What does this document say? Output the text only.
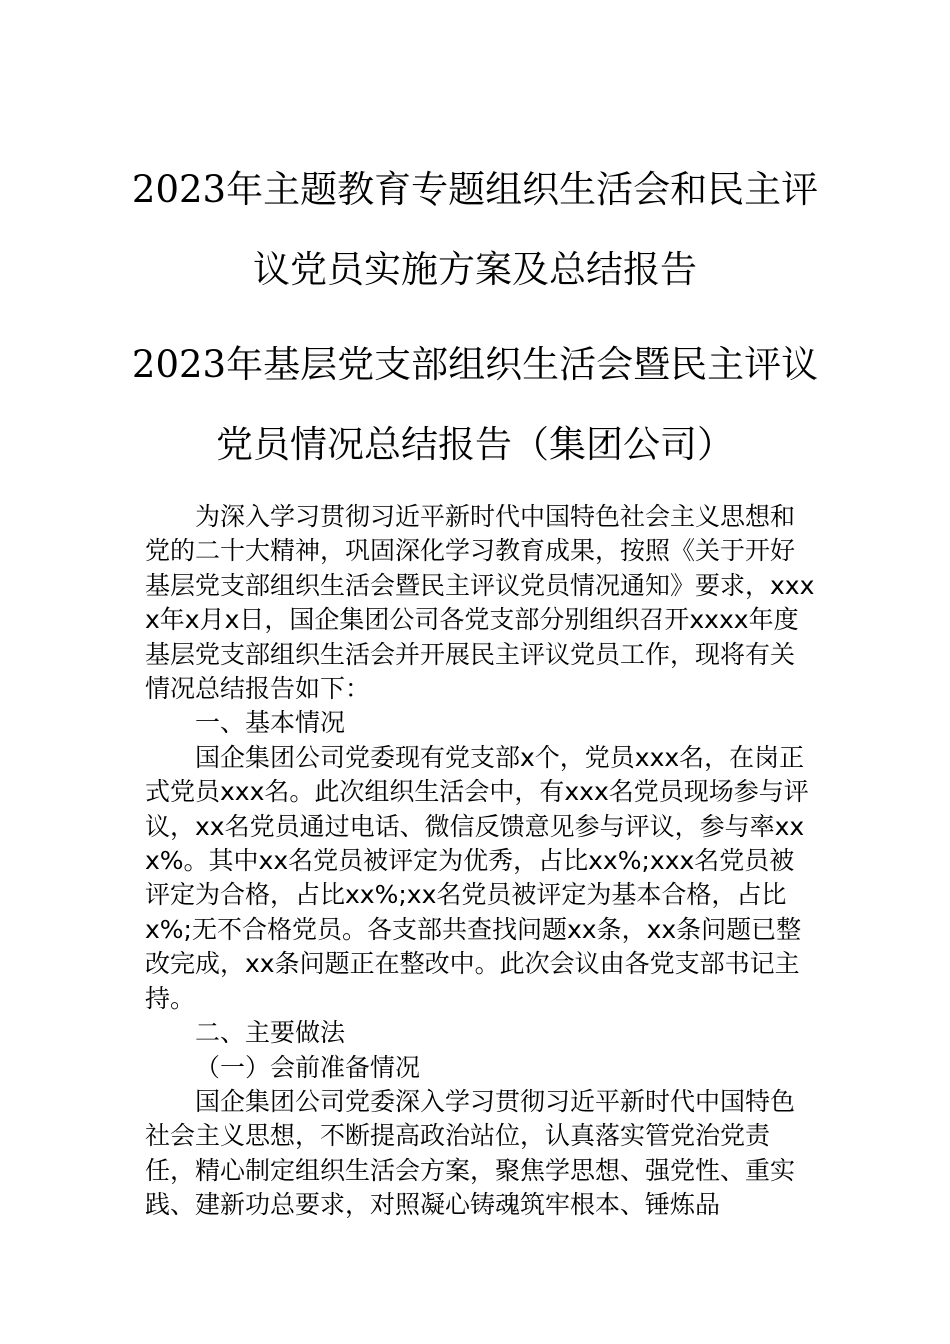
2023年主题教育专题组织生活会和民主评
议党员实施方案及总结报告
2023年基层党支部组织生活会暨民主评议
党员情况总结报告（集团公司）

为深入学习贯彻习近平新时代中国特色社会主义思想和党的二十大精神，巩固深化学习教育成果，按照《关于开好基层党支部组织生活会暨民主评议党员情况通知》要求，xxxx年x月x日，国企集团公司各党支部分别组织召开xxxx年度基层党支部组织生活会并开展民主评议党员工作，现将有关情况总结报告如下：

一、基本情况

国企集团公司党委现有党支部x个，党员xxx名，在岗正式党员xxx名。此次组织生活会中，有xxx名党员现场参与评议，xx名党员通过电话、微信反馈意见参与评议，参与率xxx%。其中xx名党员被评定为优秀，占比xx%;xxx名党员被评定为合格，占比xx%;xx名党员被评定为基本合格，占比x%;无不合格党员。各支部共查找问题xx条，xx条问题已整改完成，xx条问题正在整改中。此次会议由各党支部书记主持。

二、主要做法

（一）会前准备情况

国企集团公司党委深入学习贯彻习近平新时代中国特色社会主义思想，不断提高政治站位，认真落实管党治党责任，精心制定组织生活会方案，聚焦学思想、强党性、重实践、建新功总要求，对照凝心铸魂筑牢根本、锤炼品
